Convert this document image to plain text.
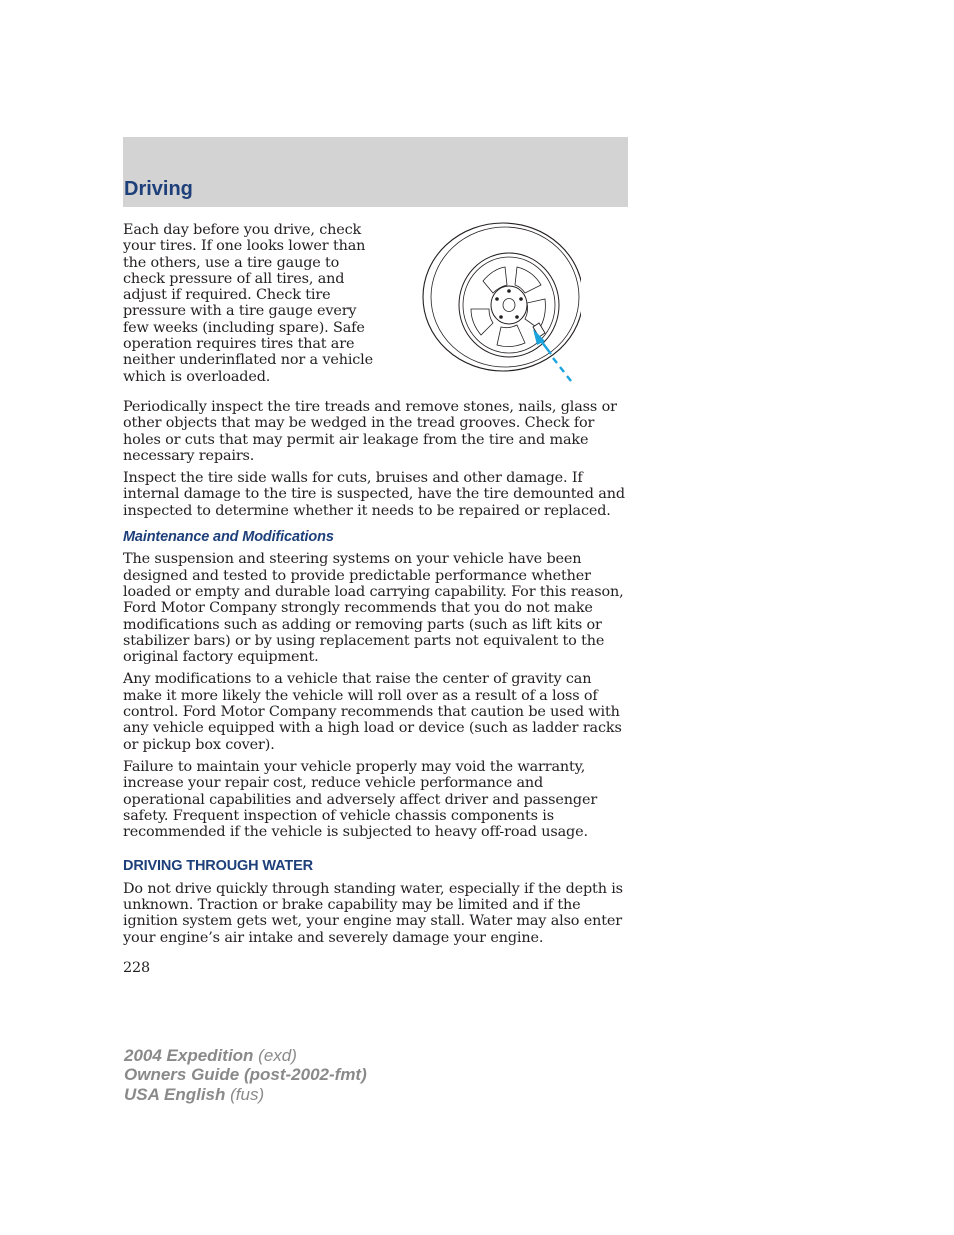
Driving

Each day before you drive, check your tires. If one looks lower than the others, use a tire gauge to check pressure of all tires, and adjust if required. Check tire pressure with a tire gauge every few weeks (including spare). Safe operation requires tires that are neither underinflated nor a vehicle which is overloaded.

Periodically inspect the tire treads and remove stones, nails, glass or other objects that may be wedged in the tread grooves. Check for holes or cuts that may permit air leakage from the tire and make necessary repairs.

Inspect the tire side walls for cuts, bruises and other damage. If internal damage to the tire is suspected, have the tire demounted and inspected to determine whether it needs to be repaired or replaced.

Maintenance and Modifications

The suspension and steering systems on your vehicle have been designed and tested to provide predictable performance whether loaded or empty and durable load carrying capability. For this reason, Ford Motor Company strongly recommends that you do not make modifications such as adding or removing parts (such as lift kits or stabilizer bars) or by using replacement parts not equivalent to the original factory equipment.

Any modifications to a vehicle that raise the center of gravity can make it more likely the vehicle will roll over as a result of a loss of control. Ford Motor Company recommends that caution be used with any vehicle equipped with a high load or device (such as ladder racks or pickup box cover).

Failure to maintain your vehicle properly may void the warranty, increase your repair cost, reduce vehicle performance and operational capabilities and adversely affect driver and passenger safety. Frequent inspection of vehicle chassis components is recommended if the vehicle is subjected to heavy off-road usage.

DRIVING THROUGH WATER

Do not drive quickly through standing water, especially if the depth is unknown. Traction or brake capability may be limited and if the ignition system gets wet, your engine may stall. Water may also enter your engine’s air intake and severely damage your engine.

228
2004 Expedition (exd)
Owners Guide (post-2002-fmt)
USA English (fus)
